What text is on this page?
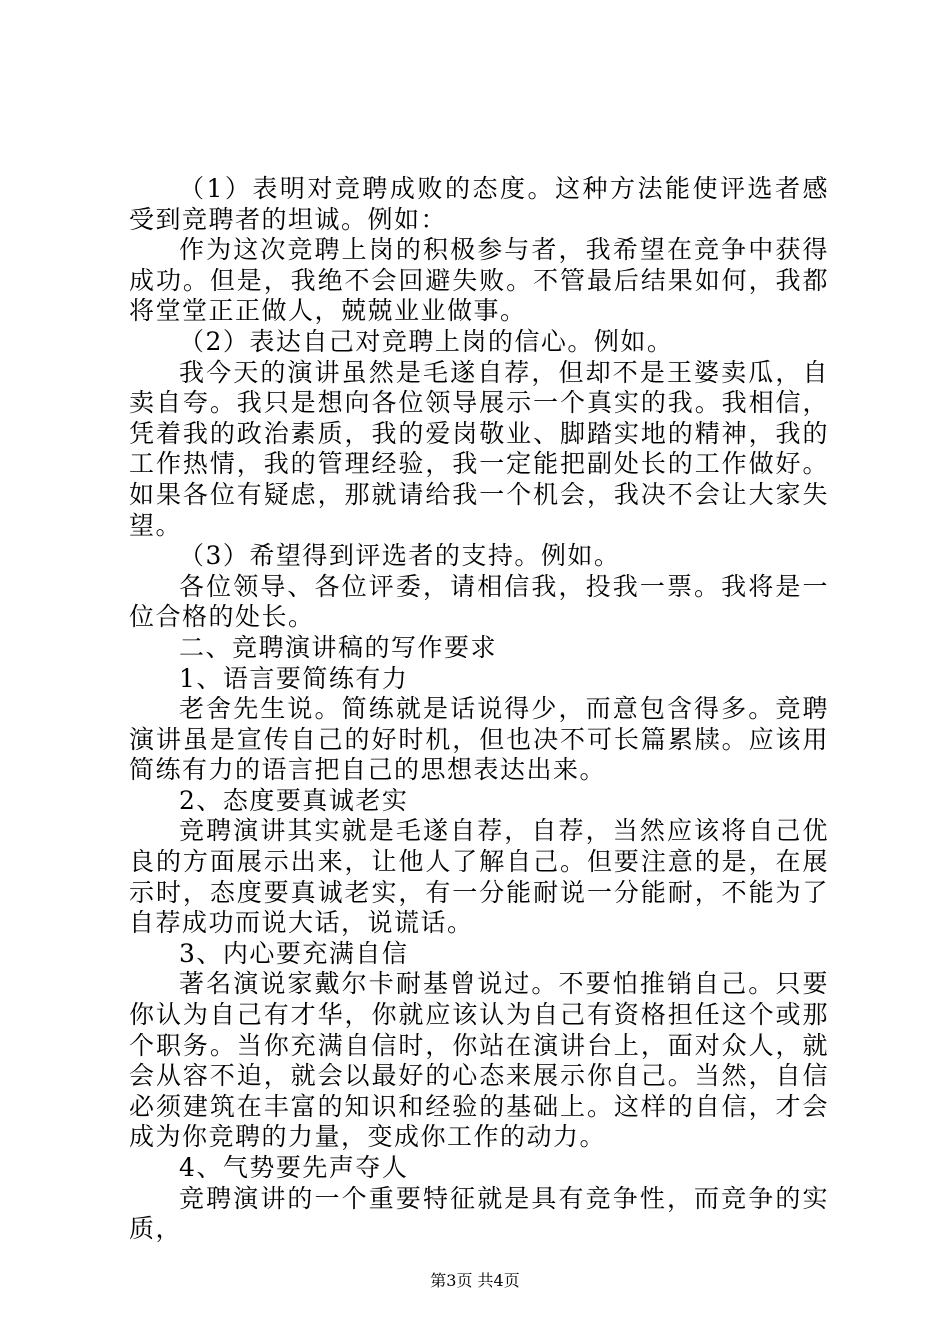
（1）表明对竞聘成败的态度。这种方法能使评选者感受到竞聘者的坦诚。例如：

作为这次竞聘上岗的积极参与者，我希望在竞争中获得成功。但是，我绝不会回避失败。不管最后结果如何，我都将堂堂正正做人，兢兢业业做事。

（2）表达自己对竞聘上岗的信心。例如。

我今天的演讲虽然是毛遂自荐，但却不是王婆卖瓜，自卖自夸。我只是想向各位领导展示一个真实的我。我相信，凭着我的政治素质，我的爱岗敬业、脚踏实地的精神，我的工作热情，我的管理经验，我一定能把副处长的工作做好。如果各位有疑虑，那就请给我一个机会，我决不会让大家失望。

（3）希望得到评选者的支持。例如。

各位领导、各位评委，请相信我，投我一票。我将是一位合格的处长。

二、竞聘演讲稿的写作要求

1、语言要简练有力

老舍先生说。简练就是话说得少，而意包含得多。竞聘演讲虽是宣传自己的好时机，但也决不可长篇累牍。应该用简练有力的语言把自己的思想表达出来。

2、态度要真诚老实

竞聘演讲其实就是毛遂自荐，自荐，当然应该将自己优良的方面展示出来，让他人了解自己。但要注意的是，在展示时，态度要真诚老实，有一分能耐说一分能耐，不能为了自荐成功而说大话，说谎话。

3、内心要充满自信

著名演说家戴尔卡耐基曾说过。不要怕推销自己。只要你认为自己有才华，你就应该认为自己有资格担任这个或那个职务。当你充满自信时，你站在演讲台上，面对众人，就会从容不迫，就会以最好的心态来展示你自己。当然，自信必须建筑在丰富的知识和经验的基础上。这样的自信，才会成为你竞聘的力量，变成你工作的动力。

4、气势要先声夺人

竞聘演讲的一个重要特征就是具有竞争性，而竞争的实质，

第3页 共4页
